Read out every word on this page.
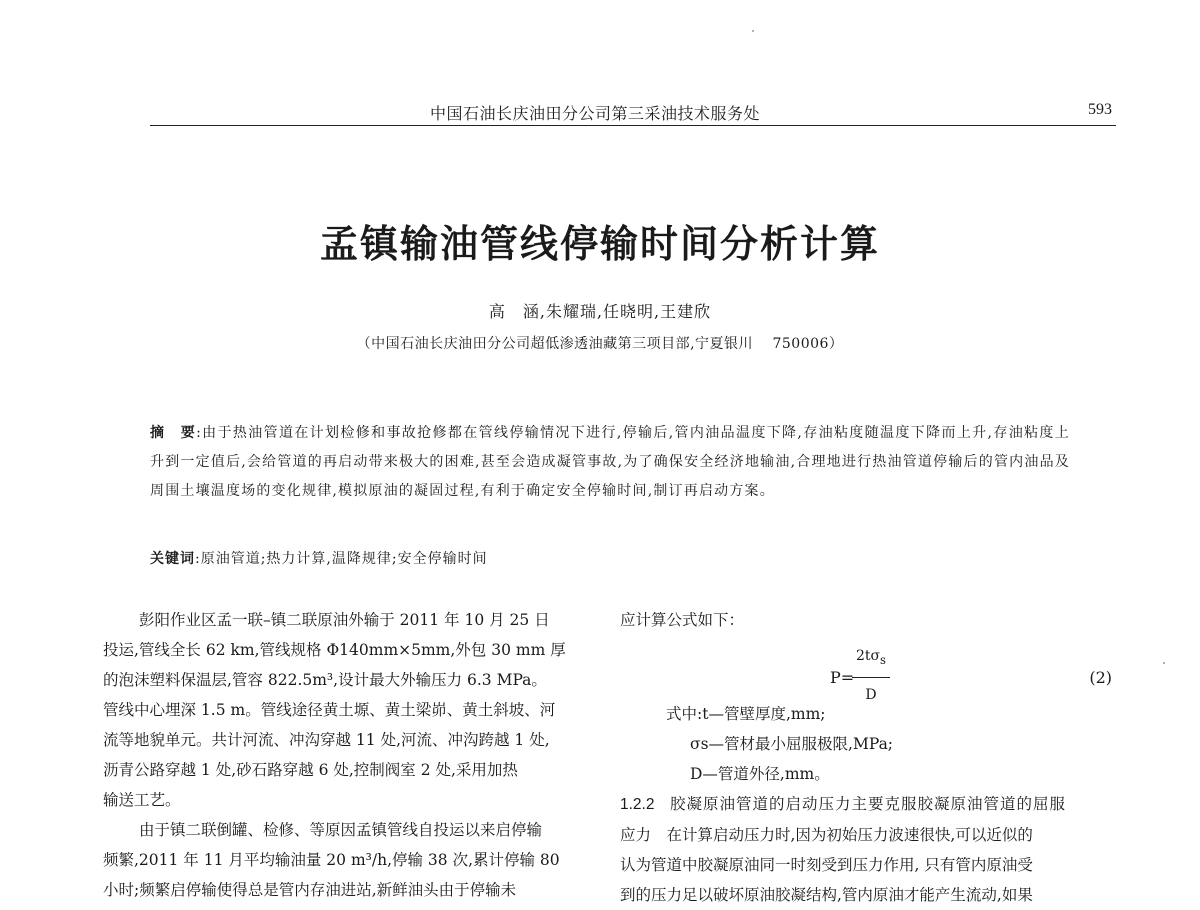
中国石油长庆油田分公司第三采油技术服务处	593
孟镇输油管线停输时间分析计算
高　涵,朱耀瑞,任晓明,王建欣
（中国石油长庆油田分公司超低渗透油藏第三项目部,宁夏银川　 750006）
摘　要:由于热油管道在计划检修和事故抢修都在管线停输情况下进行,停输后,管内油品温度下降,存油粘度随温度下降而上升,存油粘度上升到一定值后,会给管道的再启动带来极大的困难,甚至会造成凝管事故,为了确保安全经济地输油,合理地进行热油管道停输后的管内油品及周围土壤温度场的变化规律,模拟原油的凝固过程,有利于确定安全停输时间,制订再启动方案。
关键词:原油管道;热力计算,温降规律;安全停输时间
彭阳作业区孟一联–镇二联原油外输于 2011 年 10 月 25 日
投运,管线全长 62 km,管线规格 Φ140mm×5mm,外包 30 mm 厚
的泡沫塑料保温层,管容 822.5m³,设计最大外输压力 6.3 MPa。
管线中心埋深 1.5 m。管线途径黄土塬、黄土梁峁、黄土斜坡、河
流等地貌单元。共计河流、冲沟穿越 11 处,河流、冲沟跨越 1 处,
沥青公路穿越 1 处,砂石路穿越 6 处,控制阀室 2 处,采用加热
输送工艺。
由于镇二联倒罐、检修、等原因孟镇管线自投运以来启停输
频繁,2011 年 11 月平均输油量 20 m³/h,停输 38 次,累计停输 80
小时;频繁启停输使得总是管内存油进站,新鲜油头由于停输未
应计算公式如下：
P=
$2t\sigma_s$
D
(2)
式中:t—管壁厚度,mm;
σs—管材最小屈服极限,MPa;
D—管道外径,mm。
1.2.2　 胶凝原油管道的启动压力主要克服胶凝原油管道的屈服
应力　在计算启动压力时,因为初始压力波速很快,可以近似的
认为管道中胶凝原油同一时刻受到压力作用, 只有管内原油受
到的压力足以破坏原油胶凝结构,管内原油才能产生流动,如果
